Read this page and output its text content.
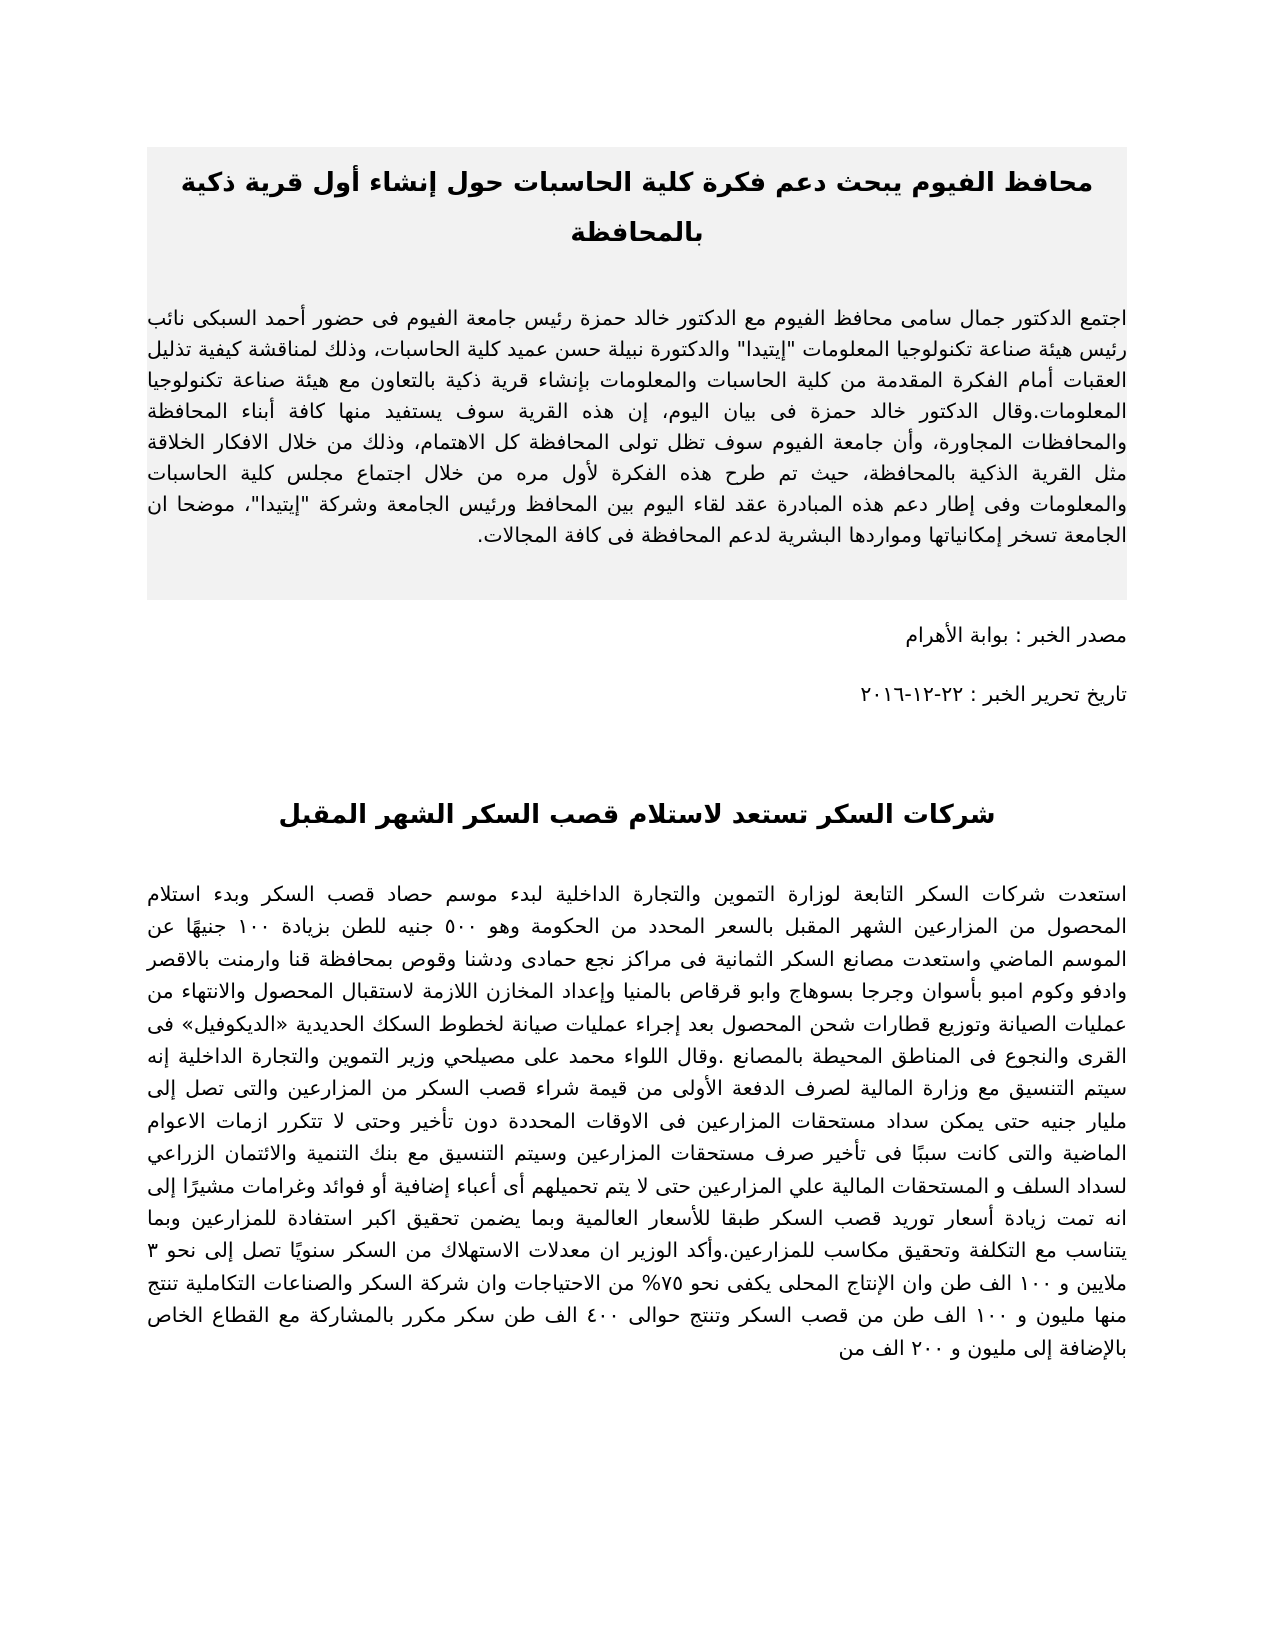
محافظ الفيوم يبحث دعم فكرة كلية الحاسبات حول إنشاء أول قرية ذكية بالمحافظة

اجتمع الدكتور جمال سامى محافظ الفيوم مع الدكتور خالد حمزة رئيس جامعة الفيوم فى حضور أحمد السبكى نائب رئيس هيئة صناعة تكنولوجيا المعلومات "إيتيدا" والدكتورة نبيلة حسن عميد كلية الحاسبات، وذلك لمناقشة كيفية تذليل العقبات أمام الفكرة المقدمة من كلية الحاسبات والمعلومات بإنشاء قرية ذكية بالتعاون مع هيئة صناعة تكنولوجيا المعلومات.وقال الدكتور خالد حمزة فى بيان اليوم، إن هذه القرية سوف يستفيد منها كافة أبناء المحافظة والمحافظات المجاورة، وأن جامعة الفيوم سوف تظل تولى المحافظة كل الاهتمام، وذلك من خلال الافكار الخلاقة مثل القرية الذكية بالمحافظة، حيث تم طرح هذه الفكرة لأول مره من خلال اجتماع مجلس كلية الحاسبات والمعلومات وفى إطار دعم هذه المبادرة عقد لقاء اليوم بين المحافظ ورئيس الجامعة وشركة "إيتيدا"، موضحا ان الجامعة تسخر إمكانياتها ومواردها البشرية لدعم المحافظة فى كافة المجالات.

مصدر الخبر : بوابة الأهرام

تاريخ تحرير الخبر : ٢٢-١٢-٢٠١٦

شركات السكر تستعد لاستلام قصب السكر الشهر المقبل

استعدت شركات السكر التابعة لوزارة التموين والتجارة الداخلية لبدء موسم حصاد قصب السكر وبدء استلام المحصول من المزارعين الشهر المقبل بالسعر المحدد من الحكومة وهو ٥٠٠ جنيه للطن بزيادة ١٠٠ جنيهًا عن الموسم الماضي واستعدت مصانع السكر الثمانية فى مراكز نجع حمادى ودشنا وقوص بمحافظة قنا وارمنت بالاقصر وادفو وكوم امبو بأسوان وجرجا بسوهاج وابو قرقاص بالمنيا وإعداد المخازن اللازمة لاستقبال المحصول والانتهاء من عمليات الصيانة وتوزيع قطارات شحن المحصول بعد إجراء عمليات صيانة لخطوط السكك الحديدية «الديكوفيل» فى القرى والنجوع فى المناطق المحيطة بالمصانع .وقال اللواء محمد على مصيلحي وزير التموين والتجارة الداخلية إنه سيتم التنسيق مع وزارة المالية لصرف الدفعة الأولى من قيمة شراء قصب السكر من المزارعين والتى تصل إلى مليار جنيه حتى يمكن سداد مستحقات المزارعين فى الاوقات المحددة دون تأخير وحتى لا تتكرر ازمات الاعوام الماضية والتى كانت سببًا فى تأخير صرف مستحقات المزارعين وسيتم التنسيق مع بنك التنمية والائتمان الزراعي لسداد السلف و المستحقات المالية علي المزارعين حتى لا يتم تحميلهم أى أعباء إضافية أو فوائد وغرامات مشيرًا إلى انه تمت زيادة أسعار توريد قصب السكر طبقا للأسعار العالمية وبما يضمن تحقيق اكبر استفادة للمزارعين وبما يتناسب مع التكلفة وتحقيق مكاسب للمزارعين.وأكد الوزير ان معدلات الاستهلاك من السكر سنويًا تصل إلى نحو ٣ ملايين و ١٠٠ الف طن وان الإنتاج المحلى يكفى نحو ٧٥% من الاحتياجات وان شركة السكر والصناعات التكاملية تنتج منها مليون و ١٠٠ الف طن من قصب السكر وتنتج حوالى ٤٠٠ الف طن سكر مكرر بالمشاركة مع القطاع الخاص بالإضافة إلى مليون و ٢٠٠ الف من
